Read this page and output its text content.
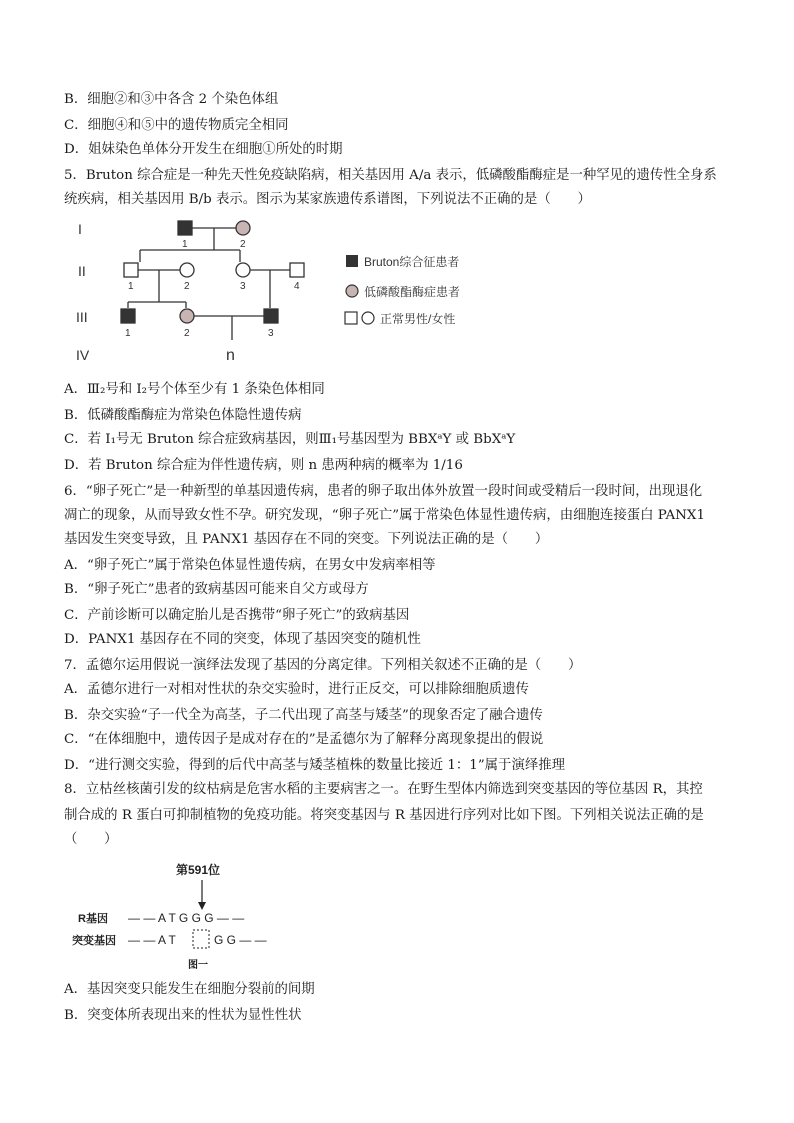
B．细胞②和③中各含 2 个染色体组
C．细胞④和⑤中的遗传物质完全相同
D．姐妹染色单体分开发生在细胞①所处的时期
5．Bruton 综合症是一种先天性免疫缺陷病，相关基因用 A/a 表示，低磷酸酯酶症是一种罕见的遗传性全身系
统疾病，相关基因用 B/b 表示。图示为某家族遗传系谱图，下列说法不正确的是（　　）
I
II
III
IV
1	2
1	2	3	4
1	2	3
n
Bruton综合征患者
低磷酸酯酶症患者
正常男性/女性
A．Ⅲ₂号和 I₂号个体至少有 1 条染色体相同
B．低磷酸酯酶症为常染色体隐性遗传病
C．若 I₁号无 Bruton 综合症致病基因，则Ⅲ₁号基因型为 BBXᵃY 或 BbXᵃY
D．若 Bruton 综合症为伴性遗传病，则 n 患两种病的概率为 1/16
6．“卵子死亡”是一种新型的单基因遗传病，患者的卵子取出体外放置一段时间或受精后一段时间，出现退化
凋亡的现象，从而导致女性不孕。研究发现，“卵子死亡”属于常染色体显性遗传病，由细胞连接蛋白 PANX1
基因发生突变导致，且 PANX1 基因存在不同的突变。下列说法正确的是（　　）
A．“卵子死亡”属于常染色体显性遗传病，在男女中发病率相等
B．“卵子死亡”患者的致病基因可能来自父方或母方
C．产前诊断可以确定胎儿是否携带“卵子死亡”的致病基因
D．PANX1 基因存在不同的突变，体现了基因突变的随机性
7．孟德尔运用假说一演绎法发现了基因的分离定律。下列相关叙述不正确的是（　　）
A．孟德尔进行一对相对性状的杂交实验时，进行正反交，可以排除细胞质遗传
B．杂交实验“子一代全为高茎，子二代出现了高茎与矮茎”的现象否定了融合遗传
C．“在体细胞中，遗传因子是成对存在的”是孟德尔为了解释分离现象提出的假说
D．“进行测交实验，得到的后代中高茎与矮茎植株的数量比接近 1：1”属于演绎推理
8．立枯丝核菌引发的纹枯病是危害水稻的主要病害之一。在野生型体内筛选到突变基因的等位基因 R，其控
制合成的 R 蛋白可抑制植物的免疫功能。将突变基因与 R 基因进行序列对比如下图。下列相关说法正确的是
（　　）
第591位
R基因 — — A T G G G — —
突变基因 — — A T	G G — —
图一
A．基因突变只能发生在细胞分裂前的间期
B．突变体所表现出来的性状为显性性状
